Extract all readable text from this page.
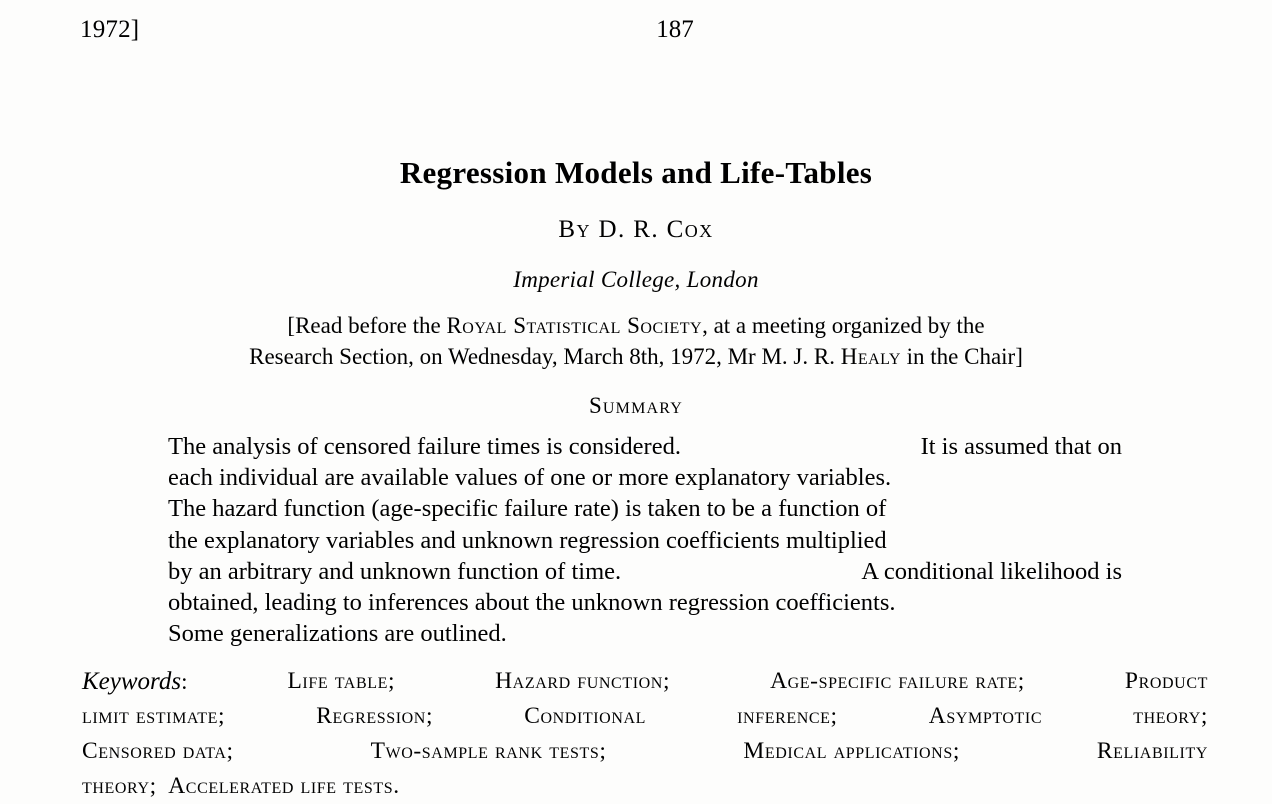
1972]	187
Regression Models and Life-Tables
By D. R. Cox
Imperial College, London
[Read before the Royal Statistical Society, at a meeting organized by the
Research Section, on Wednesday, March 8th, 1972, Mr M. J. R. Healy in the Chair]
Summary
The analysis of censored failure times is considered.	It is assumed that on
each individual are available values of one or more explanatory variables.
The hazard function (age-specific failure rate) is taken to be a function of
the explanatory variables and unknown regression coefficients multiplied
by an arbitrary and unknown function of time.	A conditional likelihood is
obtained, leading to inferences about the unknown regression coefficients.
Some generalizations are outlined.
Keywords:	Life table;	Hazard function;	Age-specific failure rate;	Product
limit estimate;	Regression;	Conditional	inference;	Asymptotic	theory;
Censored data;	Two-sample rank tests;	Medical applications;	Reliability
theory;
Accelerated life tests.
